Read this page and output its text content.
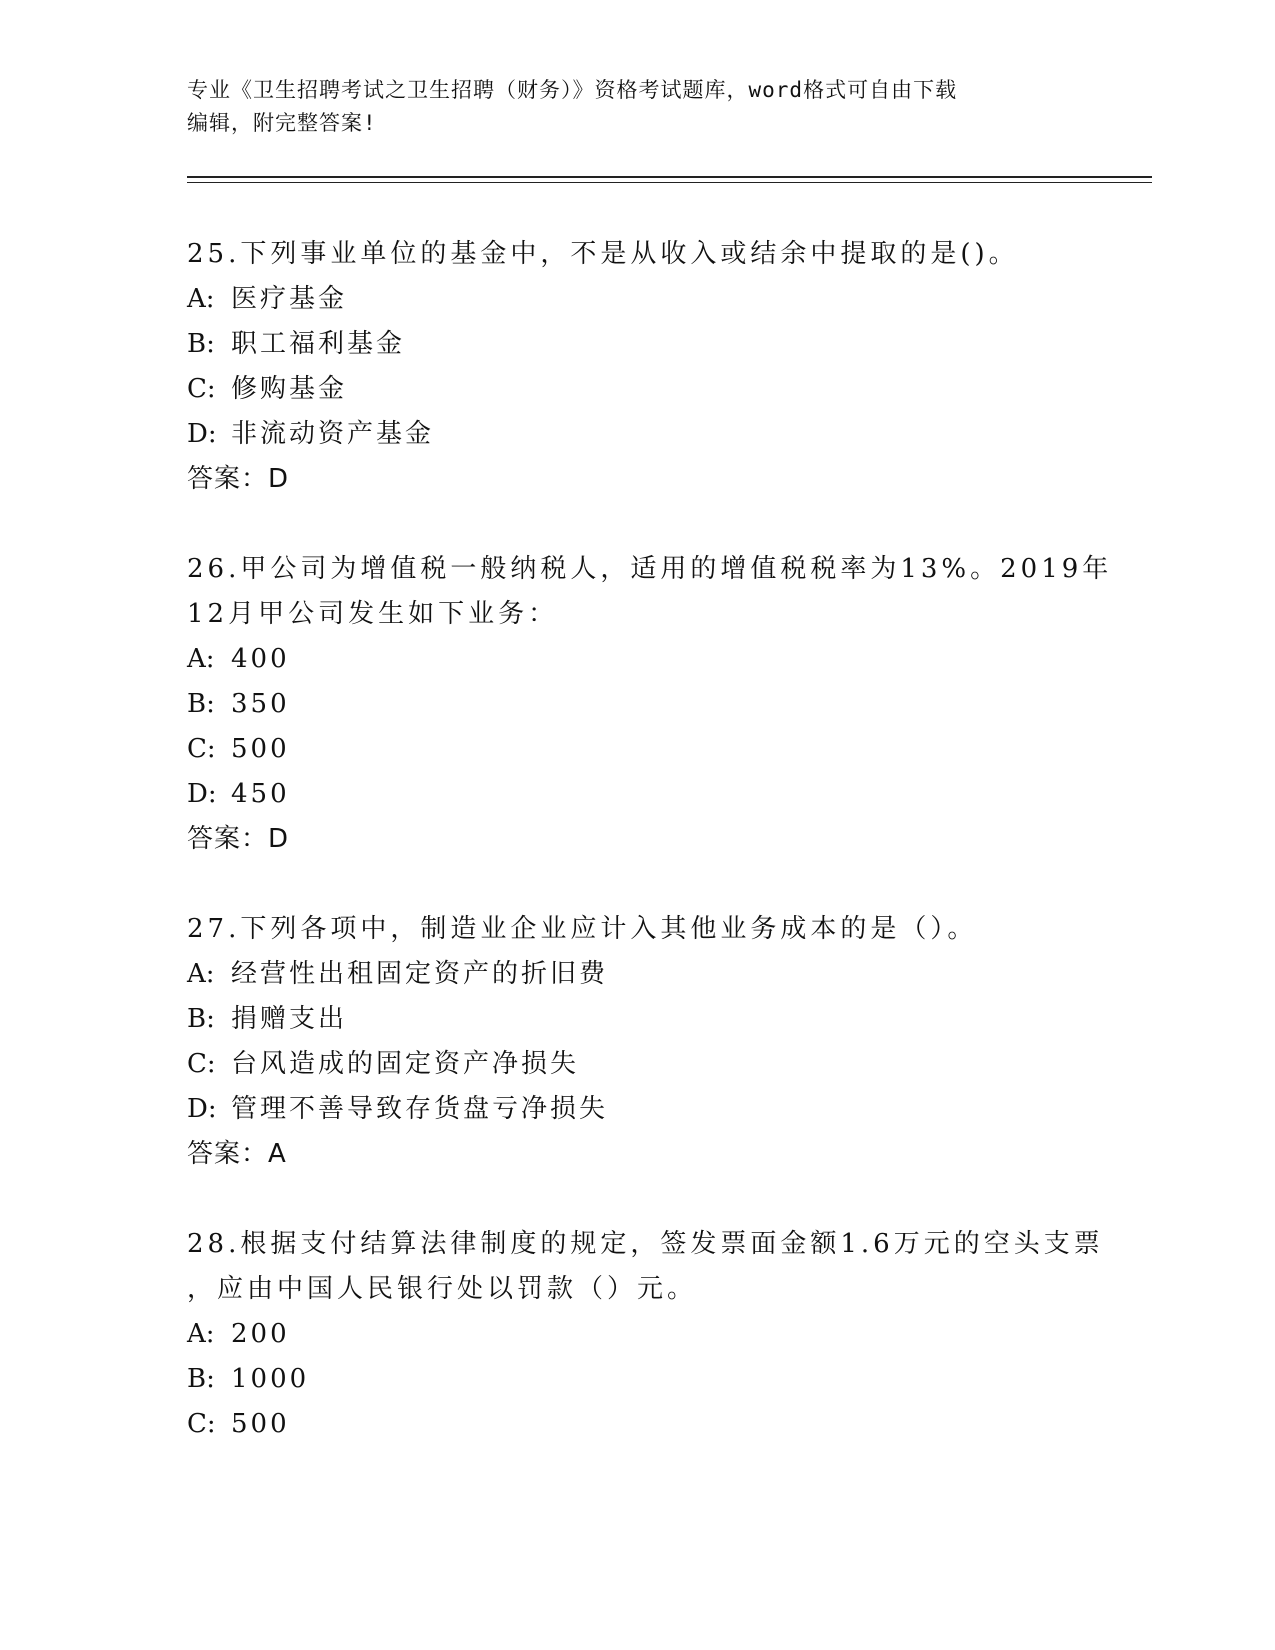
专业《卫生招聘考试之卫生招聘（财务）》资格考试题库，word格式可自由下载
编辑，附完整答案!
25.下列事业单位的基金中，不是从收入或结余中提取的是()。
A: 医疗基金
B: 职工福利基金
C: 修购基金
D: 非流动资产基金
答案：D
26.甲公司为增值税一般纳税人，适用的增值税税率为13%。2019年
12月甲公司发生如下业务：
A: 400
B: 350
C: 500
D: 450
答案：D
27.下列各项中，制造业企业应计入其他业务成本的是（）。
A: 经营性出租固定资产的折旧费
B: 捐赠支出
C: 台风造成的固定资产净损失
D: 管理不善导致存货盘亏净损失
答案：A
28.根据支付结算法律制度的规定，签发票面金额1.6万元的空头支票
，应由中国人民银行处以罚款（）元。
A: 200
B: 1000
C: 500
